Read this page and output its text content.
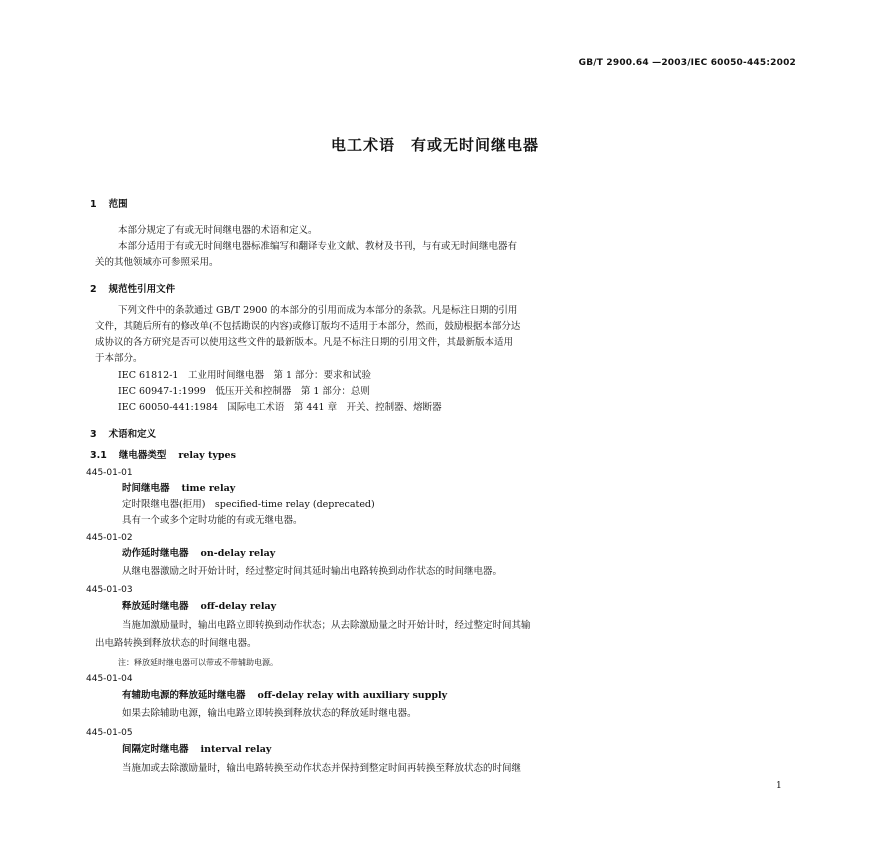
GB/T 2900.64 —2003/IEC 60050-445:2002
电工术语　有或无时间继电器
1 范围
本部分规定了有或无时间继电器的术语和定义。
本部分适用于有或无时间继电器标准编写和翻译专业文献、教材及书刊，与有或无时间继电器有
关的其他领域亦可参照采用。
2 规范性引用文件
下列文件中的条款通过 GB/T 2900 的本部分的引用而成为本部分的条款。凡是标注日期的引用
文件，其随后所有的修改单(不包括勘误的内容)或修订版均不适用于本部分，然而，鼓励根据本部分达
成协议的各方研究是否可以使用这些文件的最新版本。凡是不标注日期的引用文件，其最新版本适用
于本部分。
IEC 61812-1　工业用时间继电器　第 1 部分：要求和试验
IEC 60947-1:1999　低压开关和控制器　第 1 部分：总则
IEC 60050-441:1984　国际电工术语　第 441 章　开关、控制器、熔断器
3 术语和定义
3.1 继电器类型 relay types
445-01-01
时间继电器 time relay
定时限继电器(拒用)　specified-time relay (deprecated)
具有一个或多个定时功能的有或无继电器。
445-01-02
动作延时继电器 on-delay relay
从继电器激励之时开始计时，经过整定时间其延时输出电路转换到动作状态的时间继电器。
445-01-03
释放延时继电器 off-delay relay
当施加激励量时，输出电路立即转换到动作状态；从去除激励量之时开始计时，经过整定时间其输
出电路转换到释放状态的时间继电器。
注：释放延时继电器可以带或不带辅助电源。
445-01-04
有辅助电源的释放延时继电器 off-delay relay with auxiliary supply
如果去除辅助电源，输出电路立即转换到释放状态的释放延时继电器。
445-01-05
间隔定时继电器 interval relay
当施加或去除激励量时，输出电路转换至动作状态并保持到整定时间再转换至释放状态的时间继
1
